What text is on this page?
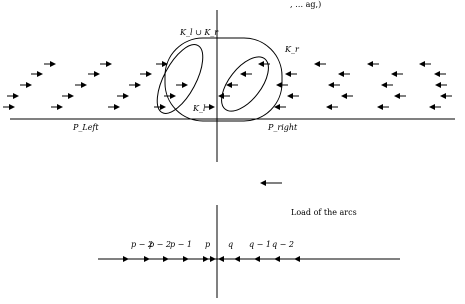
, … ag,)
K_l ∪ K_r
K_r
K_l
P_Left	P_right
Load of the arcs
p − 2
p − 2 p − 1 p q q − 1 q − 2
